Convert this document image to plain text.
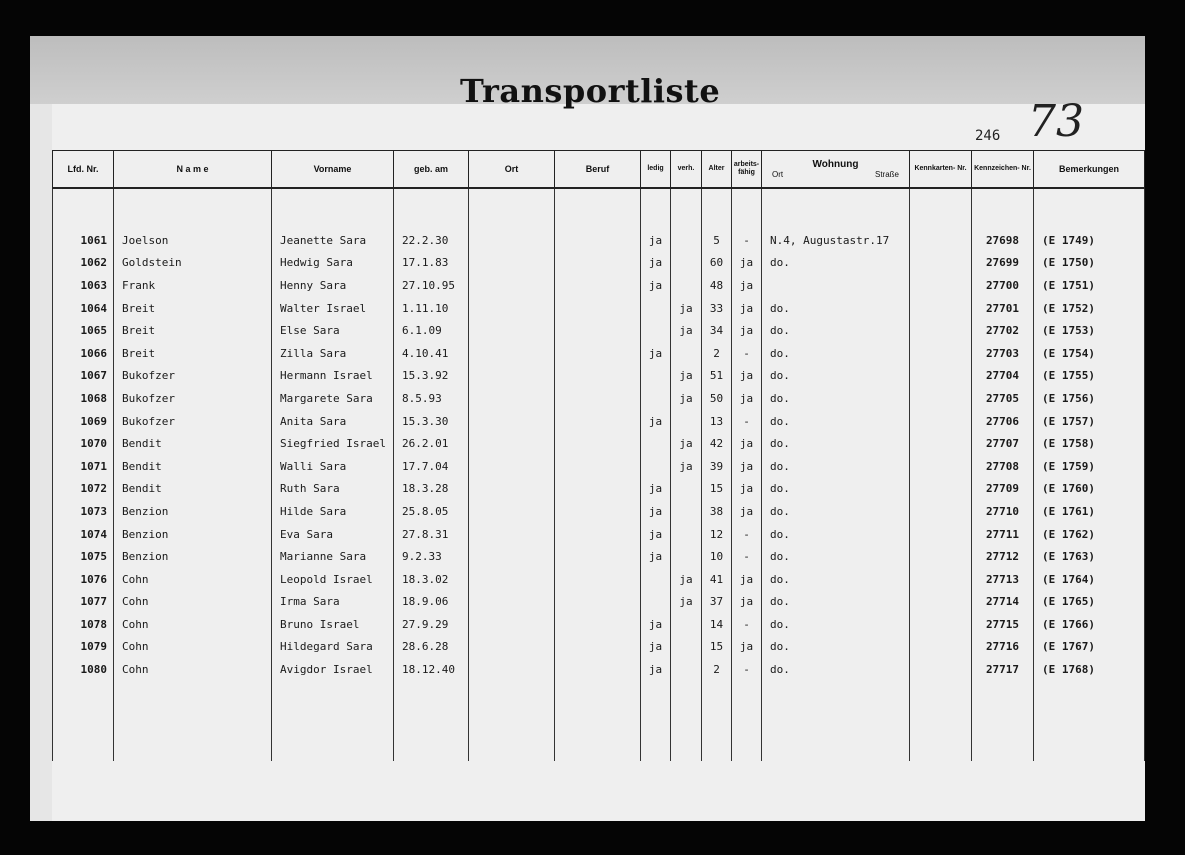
Transportliste
246 73
Lfd. Nr.	N a m e	Vorname	geb. am	Ort	Beruf	ledig	verh.	Alter	arbeits- fähig	Wohnung
Ort Straße	Kennkarten- Nr.	Kennzeichen- Nr.	Bemerkungen

1061	Joelson	Jeanette Sara	22.2.30			ja		5	-	N.4, Augustastr.17		27698	(E 1749)
1062	Goldstein	Hedwig Sara	17.1.83			ja		60	ja	do.		27699	(E 1750)
1063	Frank	Henny Sara	27.10.95			ja		48	ja			27700	(E 1751)
1064	Breit	Walter Israel	1.11.10				ja	33	ja	do.		27701	(E 1752)
1065	Breit	Else Sara	6.1.09				ja	34	ja	do.		27702	(E 1753)
1066	Breit	Zilla Sara	4.10.41			ja		2	-	do.		27703	(E 1754)
1067	Bukofzer	Hermann Israel	15.3.92				ja	51	ja	do.		27704	(E 1755)
1068	Bukofzer	Margarete Sara	8.5.93				ja	50	ja	do.		27705	(E 1756)
1069	Bukofzer	Anita Sara	15.3.30			ja		13	-	do.		27706	(E 1757)
1070	Bendit	Siegfried Israel	26.2.01				ja	42	ja	do.		27707	(E 1758)
1071	Bendit	Walli Sara	17.7.04				ja	39	ja	do.		27708	(E 1759)
1072	Bendit	Ruth Sara	18.3.28			ja		15	ja	do.		27709	(E 1760)
1073	Benzion	Hilde Sara	25.8.05			ja		38	ja	do.		27710	(E 1761)
1074	Benzion	Eva Sara	27.8.31			ja		12	-	do.		27711	(E 1762)
1075	Benzion	Marianne Sara	9.2.33			ja		10	-	do.		27712	(E 1763)
1076	Cohn	Leopold Israel	18.3.02				ja	41	ja	do.		27713	(E 1764)
1077	Cohn	Irma Sara	18.9.06				ja	37	ja	do.		27714	(E 1765)
1078	Cohn	Bruno Israel	27.9.29			ja		14	-	do.		27715	(E 1766)
1079	Cohn	Hildegard Sara	28.6.28			ja		15	ja	do.		27716	(E 1767)
1080	Cohn	Avigdor Israel	18.12.40			ja		2	-	do.		27717	(E 1768)
